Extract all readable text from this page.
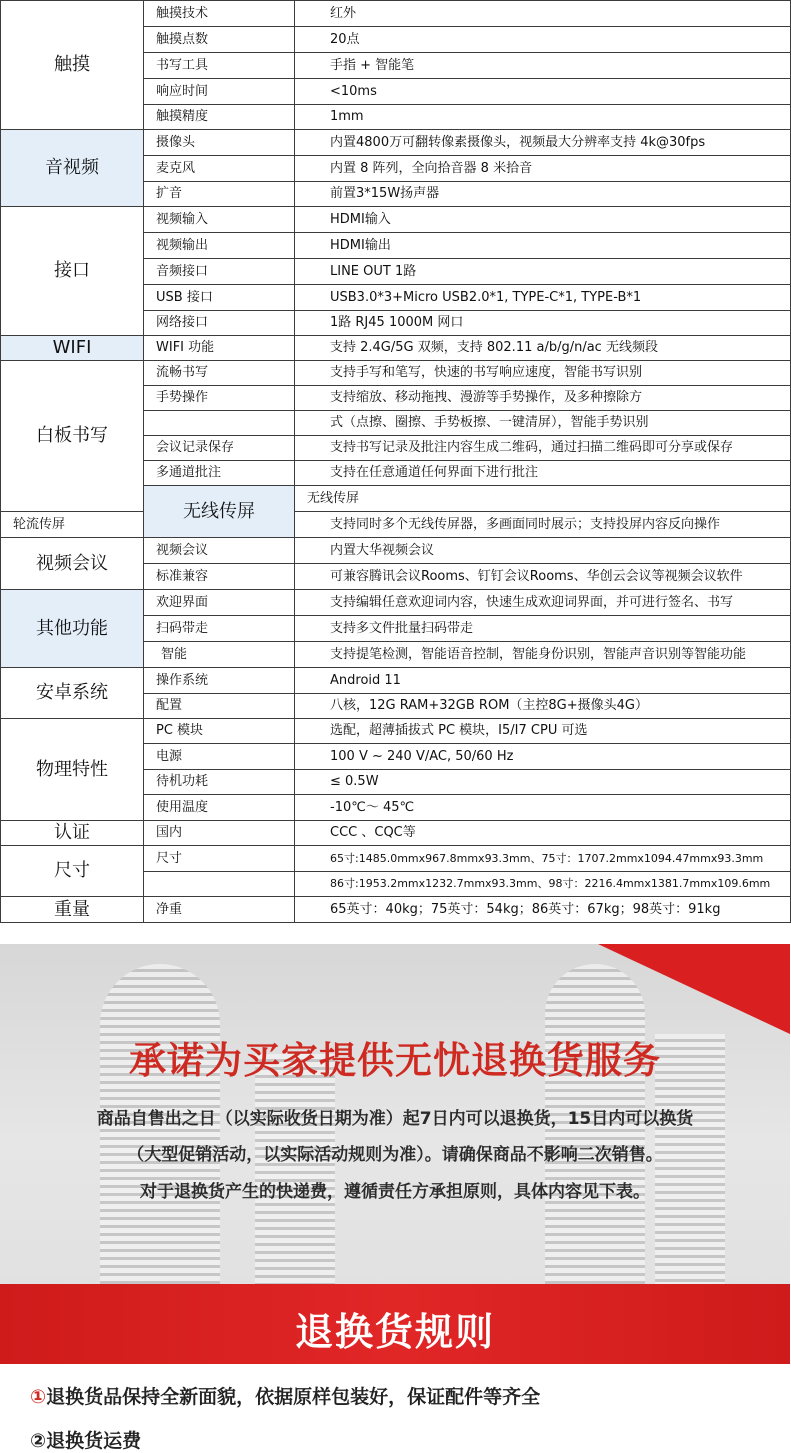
触摸	触摸技术	红外	
	触摸点数	20点	
	书写工具	手指 + 智能笔	
	响应时间	<10ms	
	触摸精度	1mm	
音视频	摄像头	内置4800万可翻转像素摄像头，视频最大分辨率支持 4k@30fps	
	麦克风	内置 8 阵列，全向拾音器 8 米拾音	
	扩音	前置3*15W扬声器	
接口	视频输入	HDMI输入	
	视频输出	HDMI输出	
	音频接口	LINE OUT 1路	
	USB 接口	USB3.0*3+Micro USB2.0*1, TYPE-C*1, TYPE-B*1	
	网络接口	1路 RJ45 1000M 网口	
WIFI	WIFI 功能	支持 2.4G/5G 双频，支持 802.11 a/b/g/n/ac 无线频段	
白板书写	流畅书写	支持手写和笔写，快速的书写响应速度，智能书写识别	
	手势操作	支持缩放、移动拖拽、漫游等手势操作，及多种擦除方	
		式（点擦、圈擦、手势板擦、一键清屏），智能手势识别	
	会议记录保存	支持书写记录及批注内容生成二维码，通过扫描二维码即可分享或保存	
	多通道批注	支持在任意通道任何界面下进行批注	
	无线传屏	无线传屏	
轮流传屏		支持同时多个无线传屏器，多画面同时展示；支持投屏内容反向操作	
视频会议	视频会议	内置大华视频会议	
	标准兼容	可兼容腾讯会议Rooms、钉钉会议Rooms、华创云会议等视频会议软件	
其他功能	欢迎界面	支持编辑任意欢迎词内容，快速生成欢迎词界面，并可进行签名、书写	
	扫码带走	支持多文件批量扫码带走	
	智能	支持提笔检测，智能语音控制，智能身份识别，智能声音识别等智能功能	
安卓系统	操作系统	Android 11	
	配置	八核，12G RAM+32GB ROM（主控8G+摄像头4G）	
物理特性	PC 模块	选配，超薄插拔式 PC 模块，I5/I7 CPU 可选	
	电源	100 V ~ 240 V/AC, 50/60 Hz	
	待机功耗	≤ 0.5W	
	使用温度	-10℃～ 45℃	
认证	国内	CCC 、CQC等	
尺寸	尺寸	65寸:1485.0mmx967.8mmx93.3mm、75寸：1707.2mmx1094.47mmx93.3mm	
		86寸:1953.2mmx1232.7mmx93.3mm、98寸：2216.4mmx1381.7mmx109.6mm	
重量	净重	65英寸：40kg；75英寸：54kg；86英寸：67kg；98英寸：91kg	
承诺为买家提供无忧退换货服务
商品自售出之日（以实际收货日期为准）起7日内可以退换货，15日内可以换货
（大型促销活动，以实际活动规则为准）。请确保商品不影响二次销售。
对于退换货产生的快递费，遵循责任方承担原则，具体内容见下表。
退换货规则
①退换货品保持全新面貌，依据原样包装好，保证配件等齐全
②退换货运费
